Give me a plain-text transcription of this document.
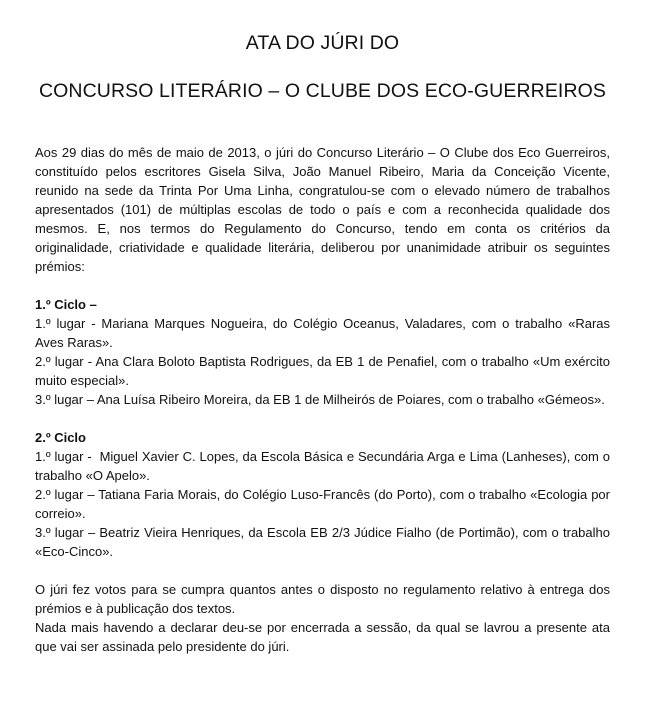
ATA DO JÚRI DO
CONCURSO LITERÁRIO – O CLUBE DOS ECO-GUERREIROS

Aos 29 dias do mês de maio de 2013, o júri do Concurso Literário – O Clube dos Eco Guerreiros, constituído pelos escritores Gisela Silva, João Manuel Ribeiro, Maria da Conceição Vicente, reunido na sede da Trinta Por Uma Linha, congratulou-se com o elevado número de trabalhos apresentados (101) de múltiplas escolas de todo o país e com a reconhecida qualidade dos mesmos. E, nos termos do Regulamento do Concurso, tendo em conta os critérios da originalidade, criatividade e qualidade literária, deliberou por unanimidade atribuir os seguintes prémios:

1.º Ciclo –

1.º lugar - Mariana Marques Nogueira, do Colégio Oceanus, Valadares, com o trabalho «Raras Aves Raras».

2.º lugar - Ana Clara Boloto Baptista Rodrigues, da EB 1 de Penafiel, com o trabalho «Um exército muito especial».

3.º lugar – Ana Luísa Ribeiro Moreira, da EB 1 de Milheirós de Poiares, com o trabalho «Gémeos».

2.º Ciclo

1.º lugar -  Miguel Xavier C. Lopes, da Escola Básica e Secundária Arga e Lima (Lanheses), com o trabalho «O Apelo».

2.º lugar – Tatiana Faria Morais, do Colégio Luso-Francês (do Porto), com o trabalho «Ecologia por correio».

3.º lugar – Beatriz Vieira Henriques, da Escola EB 2/3 Júdice Fialho (de Portimão), com o trabalho «Eco-Cinco».

O júri fez votos para se cumpra quantos antes o disposto no regulamento relativo à entrega dos prémios e à publicação dos textos.

Nada mais havendo a declarar deu-se por encerrada a sessão, da qual se lavrou a presente ata que vai ser assinada pelo presidente do júri.
